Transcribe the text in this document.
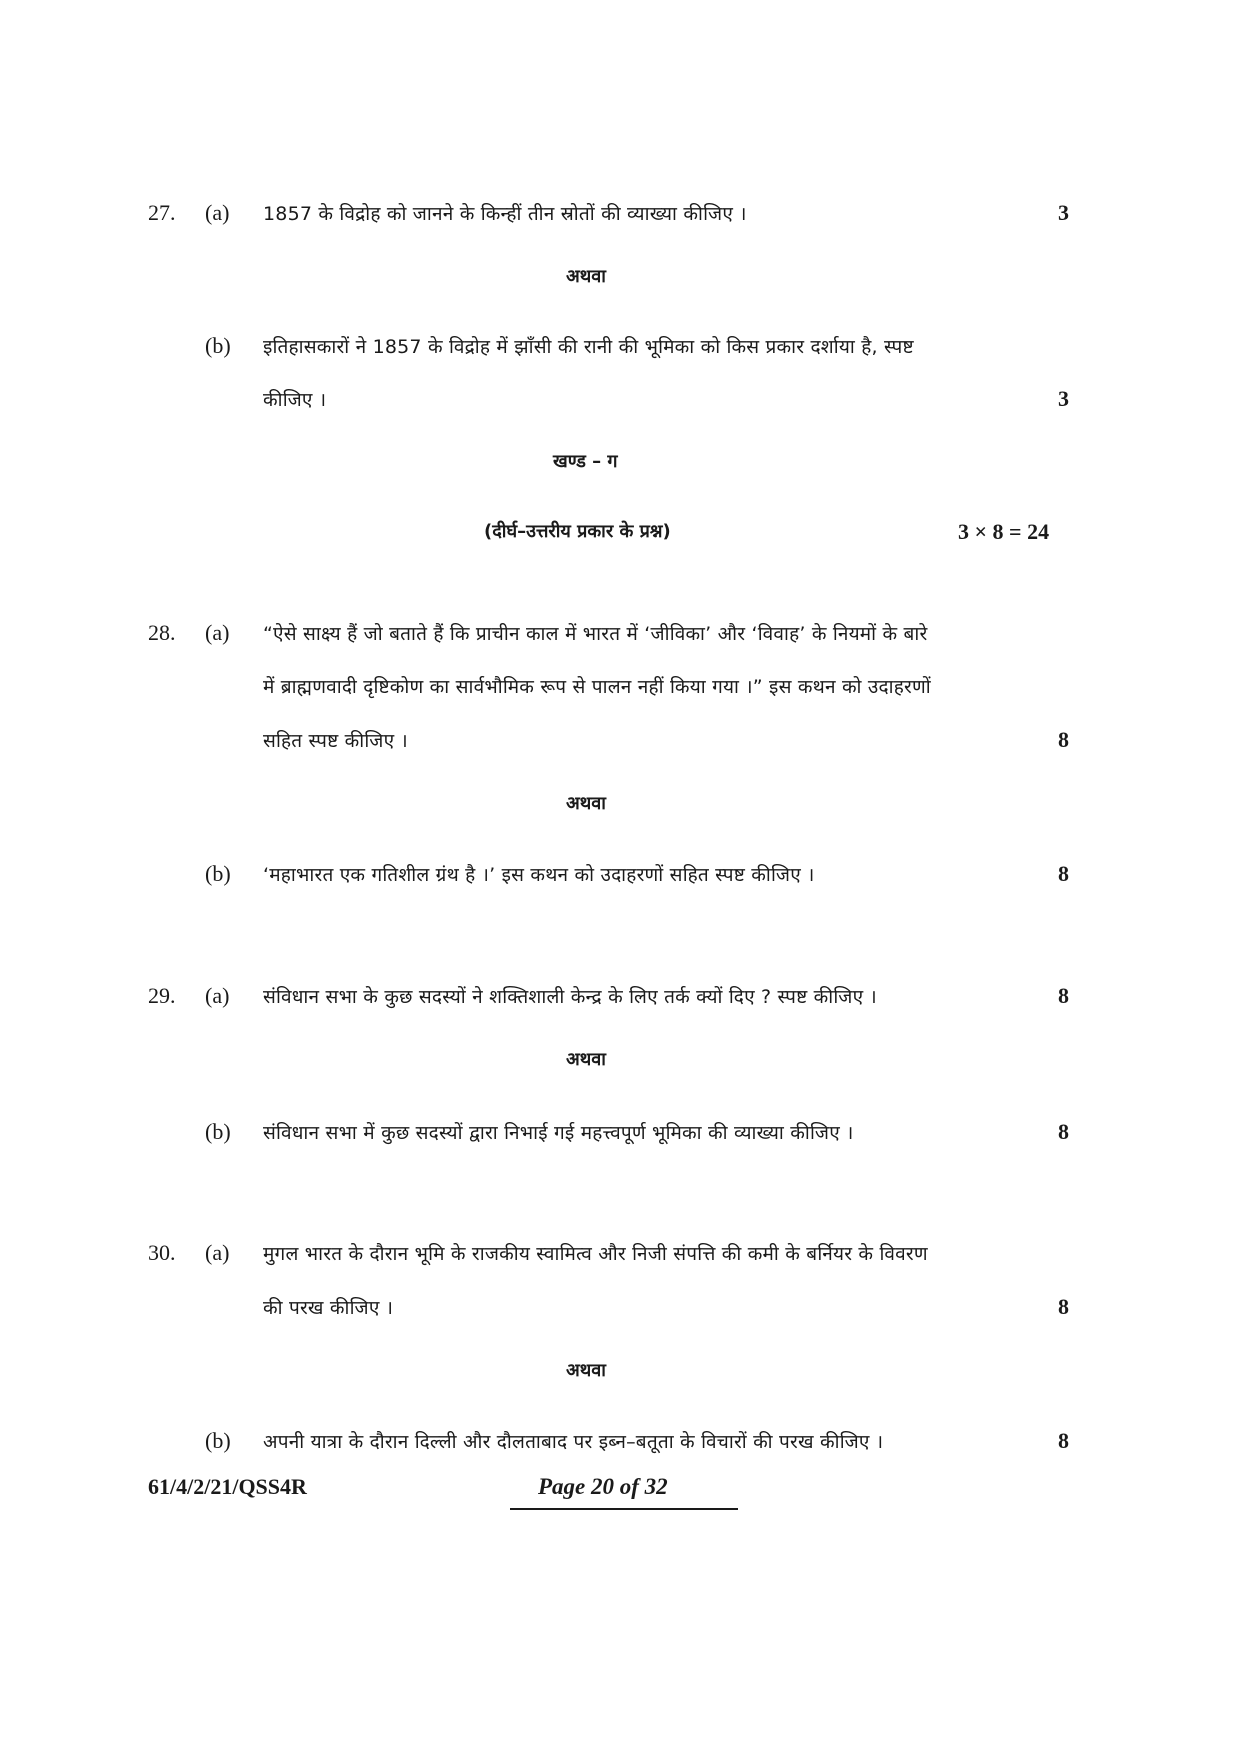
27. (a) 1857 के विद्रोह को जानने के किन्हीं तीन स्रोतों की व्याख्या कीजिए ।	3
अथवा
(b) इतिहासकारों ने 1857 के विद्रोह में झाँसी की रानी की भूमिका को किस प्रकार दर्शाया है, स्पष्ट
कीजिए ।	3
खण्ड – ग
(दीर्घ–उत्तरीय प्रकार के प्रश्न)	3 × 8 = 24
28. (a) “ऐसे साक्ष्य हैं जो बताते हैं कि प्राचीन काल में भारत में ‘जीविका’ और ‘विवाह’ के नियमों के बारे
में ब्राह्मणवादी दृष्टिकोण का सार्वभौमिक रूप से पालन नहीं किया गया ।” इस कथन को उदाहरणों
सहित स्पष्ट कीजिए ।	8
अथवा
(b) ‘महाभारत एक गतिशील ग्रंथ है ।’ इस कथन को उदाहरणों सहित स्पष्ट कीजिए ।	8
29. (a) संविधान सभा के कुछ सदस्यों ने शक्तिशाली केन्द्र के लिए तर्क क्यों दिए ? स्पष्ट कीजिए ।	8
अथवा
(b) संविधान सभा में कुछ सदस्यों द्वारा निभाई गई महत्त्वपूर्ण भूमिका की व्याख्या कीजिए ।	8
30. (a) मुगल भारत के दौरान भूमि के राजकीय स्वामित्व और निजी संपत्ति की कमी के बर्नियर के विवरण
की परख कीजिए ।	8
अथवा
(b) अपनी यात्रा के दौरान दिल्ली और दौलताबाद पर इब्न–बतूता के विचारों की परख कीजिए ।	8
61/4/2/21/QSS4R	Page 20 of 32
